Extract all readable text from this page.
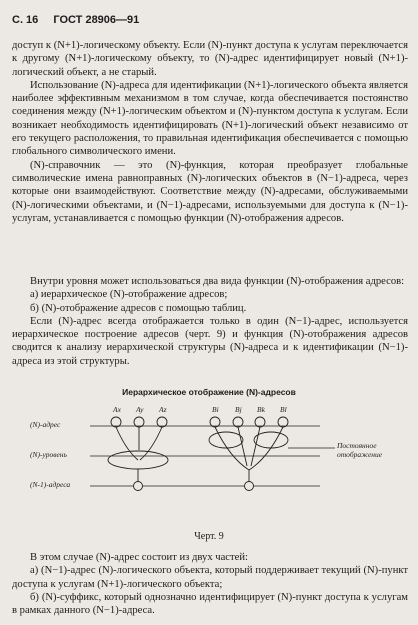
С. 16 ГОСТ 28906—91

доступ к (N+1)-логическому объекту. Если (N)-пункт доступа к услугам переключается к другому (N+1)-логическому объекту, то (N)-адрес идентифицирует новый (N+1)-логический объект, а не старый.

Использование (N)-адреса для идентификации (N+1)-логического объекта является наиболее эффективным механизмом в том случае, когда обеспечивается постоянство соединения между (N+1)-логическим объектом и (N)-пунктом доступа к услугам. Если возникает необходимость идентифицировать (N+1)-логический объект независимо от его текущего расположения, то правильная идентификация обеспечивается с помощью глобального символического имени.

(N)-справочник — это (N)-функция, которая преобразует глобальные символические имена равноправных (N)-логических объектов в (N−1)-адреса, через которые они взаимодействуют. Соответствие между (N)-адресами, обслуживаемыми (N)-логическими объектами, и (N−1)-адресами, используемыми для доступа к (N−1)-услугам, устанавливается с помощью функции (N)-отображения адресов.

Внутри уровня может использоваться два вида функции (N)-отображения адресов:

а) иерархическое (N)-отображение адресов;

б) (N)-отображение адресов с помощью таблиц.

Если (N)-адрес всегда отображается только в один (N−1)-адрес, используется иерархическое построение адресов (черт. 9) и функция (N)-отображения адресов сводится к анализу иерархической структуры (N)-адреса и к идентификации (N−1)-адреса из этой структуры.

Иерархическое отображение (N)-адресов
(N)-адрес
(N)-уровень
(N-1)-адреса
Ax Ay Az	Bi Bj Bk Bl
Постоянное
отображение
Черт. 9

В этом случае (N)-адрес состоит из двух частей:

а) (N−1)-адрес (N)-логического объекта, который поддерживает текущий (N)-пункт доступа к услугам (N+1)-логического объекта;

б) (N)-суффикс, который однозначно идентифицирует (N)-пункт доступа к услугам в рамках данного (N−1)-адреса.
